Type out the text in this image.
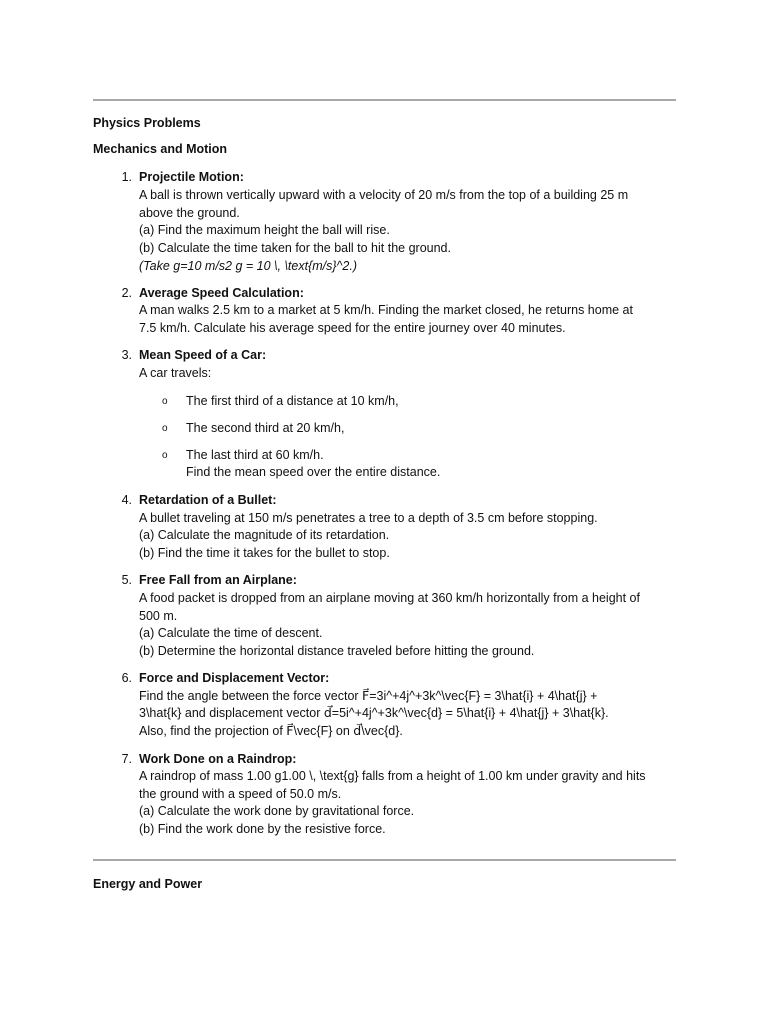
Physics Problems
Mechanics and Motion
1. Projectile Motion:
A ball is thrown vertically upward with a velocity of 20 m/s from the top of a building 25 m
above the ground.
(a) Find the maximum height the ball will rise.
(b) Calculate the time taken for the ball to hit the ground.
(Take g=10 m/s2 g = 10 \, \text{m/s}^2.)
2. Average Speed Calculation:
A man walks 2.5 km to a market at 5 km/h. Finding the market closed, he returns home at
7.5 km/h. Calculate his average speed for the entire journey over 40 minutes.
3. Mean Speed of a Car:
A car travels:
o The first third of a distance at 10 km/h,
o The second third at 20 km/h,
o The last third at 60 km/h.
Find the mean speed over the entire distance.
4. Retardation of a Bullet:
A bullet traveling at 150 m/s penetrates a tree to a depth of 3.5 cm before stopping.
(a) Calculate the magnitude of its retardation.
(b) Find the time it takes for the bullet to stop.
5. Free Fall from an Airplane:
A food packet is dropped from an airplane moving at 360 km/h horizontally from a height of
500 m.
(a) Calculate the time of descent.
(b) Determine the horizontal distance traveled before hitting the ground.
6. Force and Displacement Vector:
Find the angle between the force vector F⃗=3i^+4j^+3k^\vec{F} = 3\hat{i} + 4\hat{j} +
3\hat{k} and displacement vector d⃗=5i^+4j^+3k^\vec{d} = 5\hat{i} + 4\hat{j} + 3\hat{k}.
Also, find the projection of F⃗\vec{F} on d⃗\vec{d}.
7. Work Done on a Raindrop:
A raindrop of mass 1.00 g1.00 \, \text{g} falls from a height of 1.00 km under gravity and hits
the ground with a speed of 50.0 m/s.
(a) Calculate the work done by gravitational force.
(b) Find the work done by the resistive force.
Energy and Power
